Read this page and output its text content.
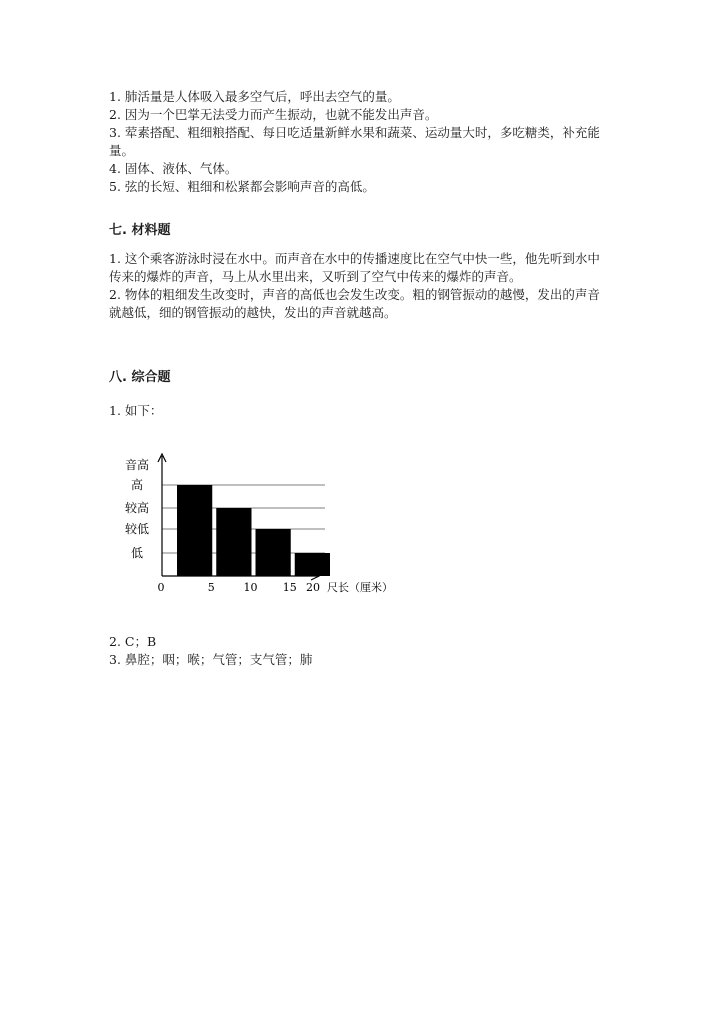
1. 肺活量是人体吸入最多空气后，呼出去空气的量。

2. 因为一个巴掌无法受力而产生振动，也就不能发出声音。

3. 荤素搭配、粗细粮搭配、每日吃适量新鲜水果和蔬菜、运动量大时，多吃糖类，补充能量。

4. 固体、液体、气体。

5. 弦的长短、粗细和松紧都会影响声音的高低。

七. 材料题

1. 这个乘客游泳时浸在水中。而声音在水中的传播速度比在空气中快一些，他先听到水中传来的爆炸的声音，马上从水里出来，又听到了空气中传来的爆炸的声音。

2. 物体的粗细发生改变时，声音的高低也会发生改变。粗的钢管振动的越慢，发出的声音就越低，细的钢管振动的越快，发出的声音就越高。

八. 综合题
1. 如下：
音高
高
较高
较低
低
0	5	10 15 20 尺长（厘米）

2. C；B

3. 鼻腔；咽；喉；气管；支气管；肺
